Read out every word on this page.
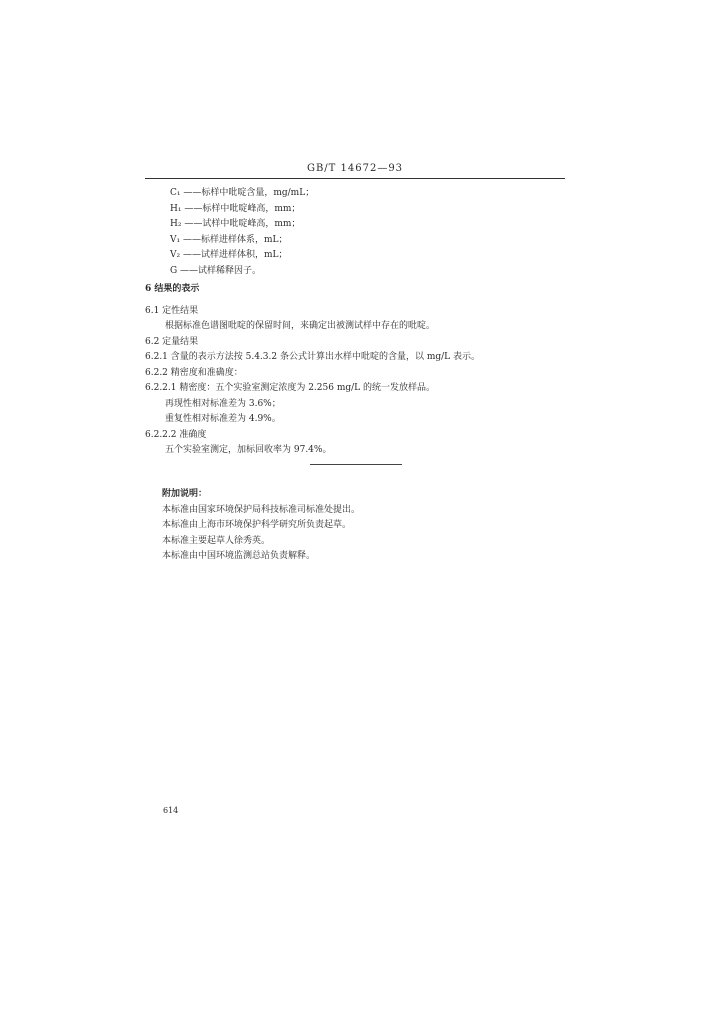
GB/T 14672—93
C₁ ——标样中吡啶含量，mg/mL；
H₁ ——标样中吡啶峰高，mm；
H₂ ——试样中吡啶峰高，mm；
V₁ ——标样进样体系，mL；
V₂ ——试样进样体积，mL；
G ——试样稀释因子。
6 结果的表示
6.1 定性结果
根据标准色谱图吡啶的保留时间，来确定出被测试样中存在的吡啶。
6.2 定量结果
6.2.1 含量的表示方法按 5.4.3.2 条公式计算出水样中吡啶的含量，以 mg/L 表示。
6.2.2 精密度和准确度：
6.2.2.1 精密度：五个实验室测定浓度为 2.256 mg/L 的统一发放样品。
再现性相对标准差为 3.6%；
重复性相对标准差为 4.9%。
6.2.2.2 准确度
五个实验室测定，加标回收率为 97.4%。
附加说明：
本标准由国家环境保护局科技标准司标准处提出。
本标准由上海市环境保护科学研究所负责起草。
本标准主要起草人徐秀英。
本标准由中国环境监测总站负责解释。
614
